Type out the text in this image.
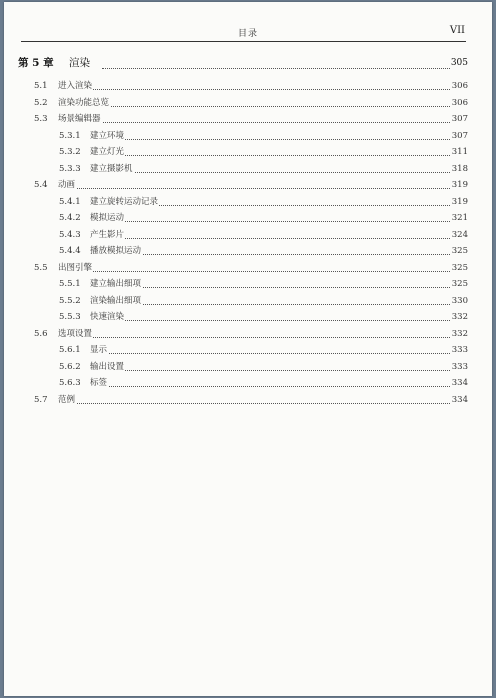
目录	VII
第 5 章 渲染	305
5.1 进入渲染	306
5.2 渲染功能总览	306
5.3 场景编辑器	307
5.3.1 建立环境	307
5.3.2 建立灯光	311
5.3.3 建立摄影机	318
5.4 动画	319
5.4.1 建立旋转运动记录	319
5.4.2 模拟运动	321
5.4.3 产生影片	324
5.4.4 播放模拟运动	325
5.5 出图引擎	325
5.5.1 建立输出细项	325
5.5.2 渲染输出细项	330
5.5.3 快速渲染	332
5.6 选项设置	332
5.6.1 显示	333
5.6.2 输出设置	333
5.6.3 标签	334
5.7 范例	334
